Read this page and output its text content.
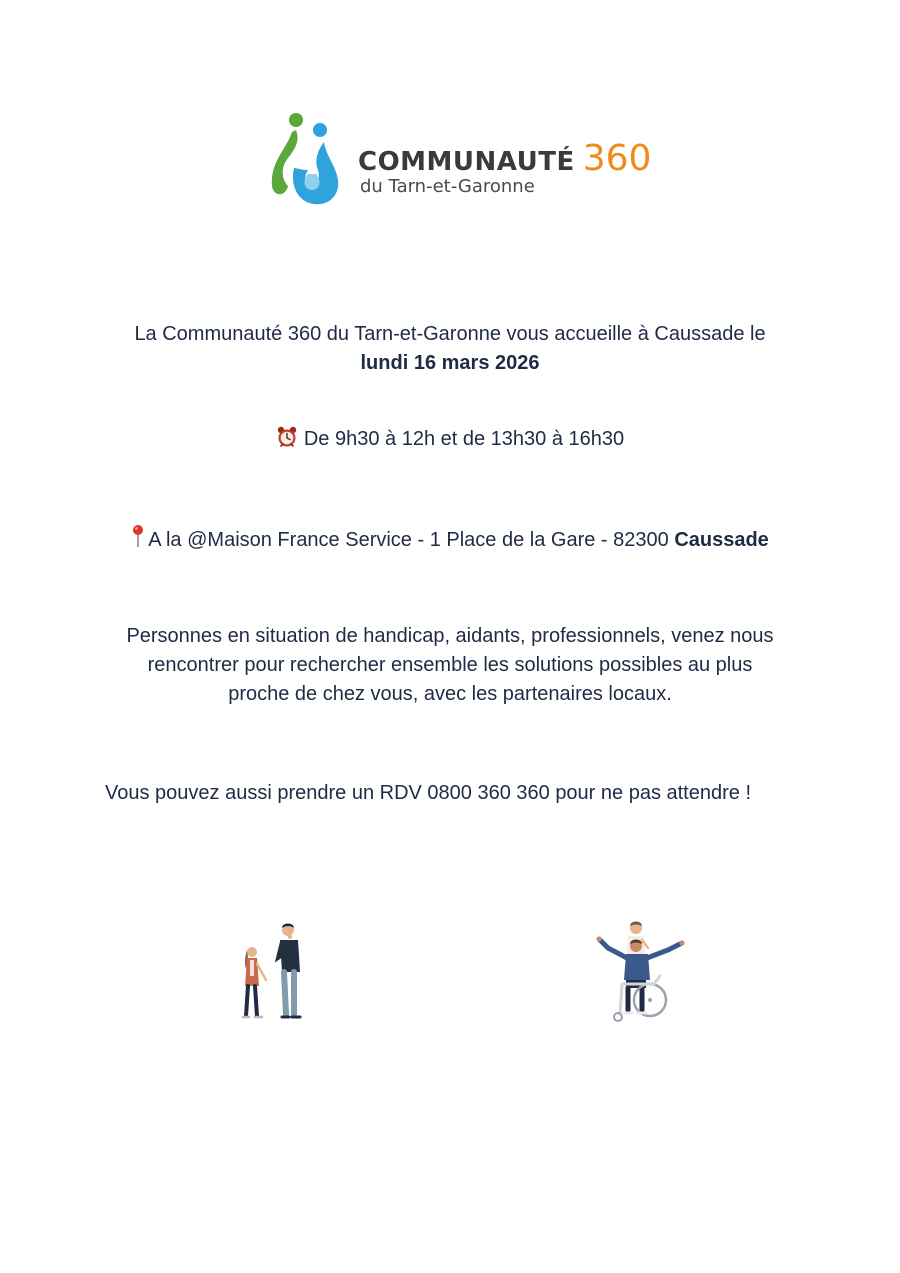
COMMUNAUTÉ 360
du Tarn-et-Garonne
La Communauté 360 du Tarn-et-Garonne vous accueille à Caussade le
lundi 16 mars 2026
De 9h30 à 12h et de 13h30 à 16h30
A la @Maison France Service - 1 Place de la Gare - 82300 Caussade
Personnes en situation de handicap, aidants, professionnels, venez nous
rencontrer pour rechercher ensemble les solutions possibles au plus
proche de chez vous, avec les partenaires locaux.
Vous pouvez aussi prendre un RDV 0800 360 360 pour ne pas attendre !
